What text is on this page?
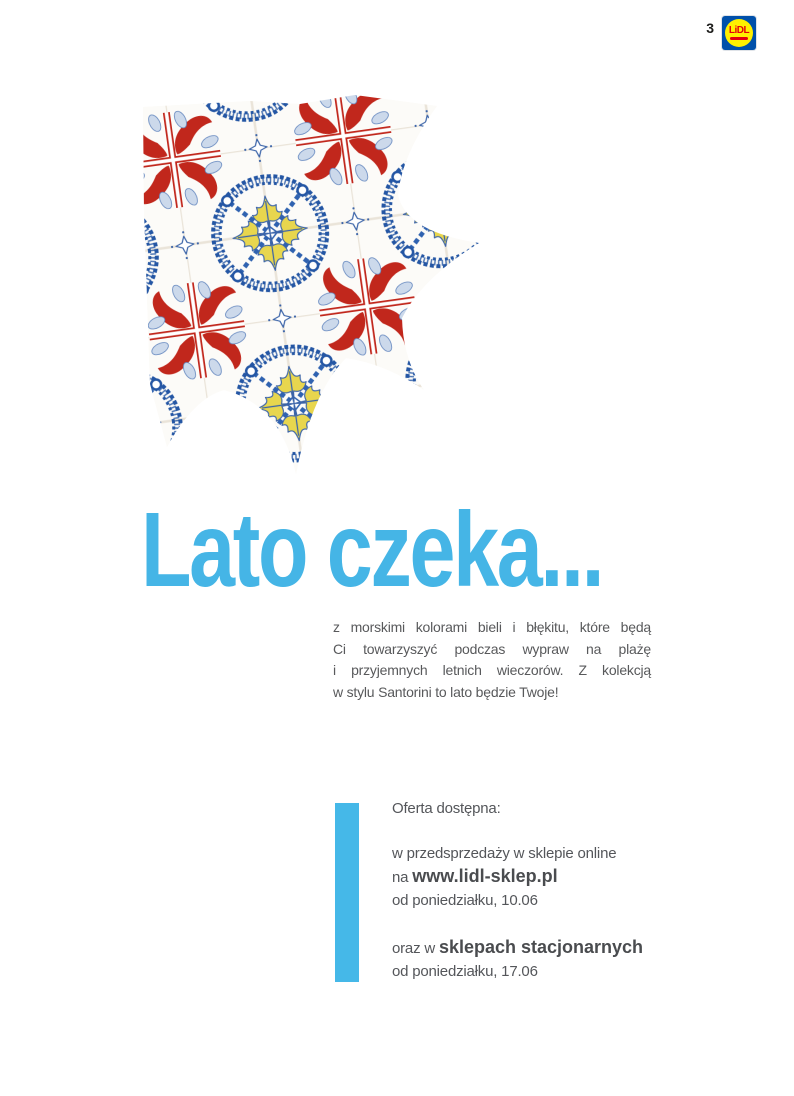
3	LiDL
Lato czeka...
z morskimi kolorami bieli i błękitu, które będą
Ci towarzyszyć podczas wypraw na plażę
i przyjemnych letnich wieczorów. Z kolekcją
w stylu Santorini to lato będzie Twoje!

Oferta dostępna:

w przedsprzedaży w sklepie online

na www.lidl-sklep.pl

od poniedziałku, 10.06

oraz w sklepach stacjonarnych

od poniedziałku, 17.06
